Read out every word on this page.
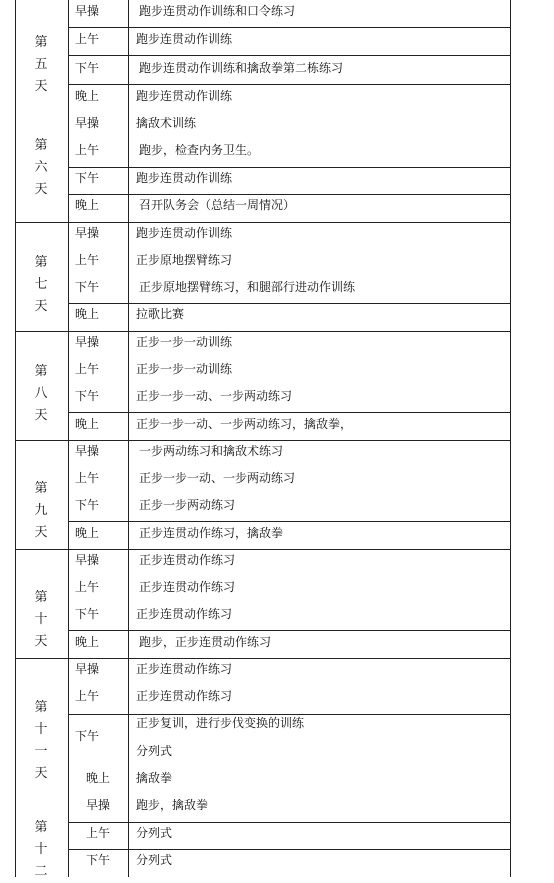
第
五
天
第
六
天
第
七
天
第
八
天
第
九
天
第
十
天
第
十
一
天
第
十
二
早操
上午
下午
晚上
早操
上午
下午
晚上
早操
上午
下午
晚上
早操
上午
下午
晚上
早操
上午
下午
晚上
早操
上午
下午
晚上
早操
上午
下午
晚上
早操
上午
下午
跑步连贯动作训练和口令练习
跑步连贯动作训练
跑步连贯动作训练和擒敌拳第二栋练习
跑步连贯动作训练
擒敌术训练
跑步，检查内务卫生。
跑步连贯动作训练
召开队务会（总结一周情况）
跑步连贯动作训练
正步原地摆臂练习
正步原地摆臂练习，和腿部行进动作训练
拉歌比赛
正步一步一动训练
正步一步一动训练
正步一步一动、一步两动练习
正步一步一动、一步两动练习，擒敌拳，
一步两动练习和擒敌术练习
正步一步一动、一步两动练习
正步一步两动练习
正步连贯动作练习，擒敌拳
正步连贯动作练习
正步连贯动作练习
正步连贯动作练习
跑步，正步连贯动作练习
正步连贯动作练习
正步连贯动作练习
正步复训，进行步伐变换的训练
分列式
擒敌拳
跑步，擒敌拳
分列式
分列式
